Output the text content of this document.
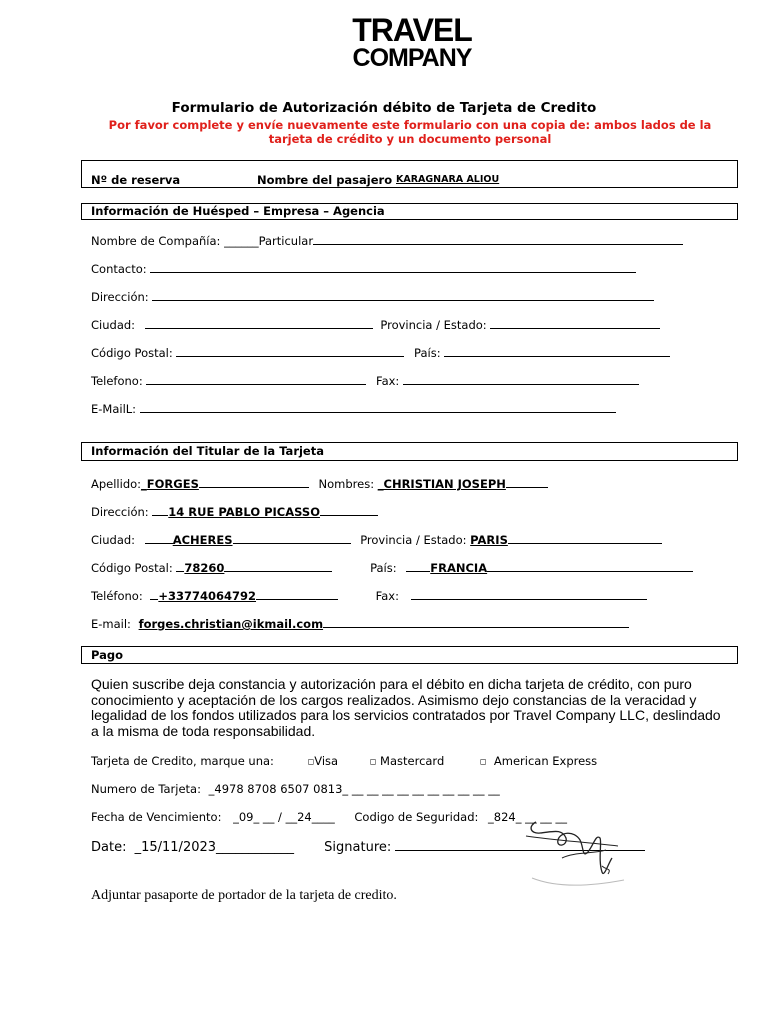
TRAVEL
COMPANY
Formulario de Autorización débito de Tarjeta de Credito
Por favor complete y envíe nuevamente este formulario con una copia de: ambos lados de la tarjeta de crédito y un documento personal
Nº de reserva	Nombre del pasajero KARAGNARA ALIOU
Información de Huésped – Empresa – Agencia
Nombre de Compañía: ______Particular
Contacto:
Dirección:
Ciudad:	Provincia / Estado:
Código Postal:	País:
Telefono:	Fax:
E-MailL:
Información del Titular de la Tarjeta
Apellido:_FORGES	Nombres: _CHRISTIAN JOSEPH
Dirección: 14 RUE PABLO PICASSO
Ciudad:	ACHERES	Provincia / Estado: PARIS
Código Postal: 78260	País:	FRANCIA
Teléfono: +33774064792	Fax:
E-mail: forges.christian@ikmail.com
Pago
Quien suscribe deja constancia y autorización para el débito en dicha tarjeta de crédito, con puro conocimiento y aceptación de los cargos realizados. Asimismo dejo constancias de la veracidad y legalidad de los fondos utilizados para los servicios contratados por Travel Company LLC, deslindado a la misma de toda responsabilidad.
Tarjeta de Credito, marque una:	◻Visa	◻ Mastercard	◻ American Express
Numero de Tarjeta: _4978 8708 6507 0813_ __ __ __ __ __ __ __ __ __ __
Fecha de Vencimiento: _09_ __ / __24____ Codigo de Seguridad: _824_ __ __ __
Date: _15/11/2023____________ Signature:
Adjuntar pasaporte de portador de la tarjeta de credito.
